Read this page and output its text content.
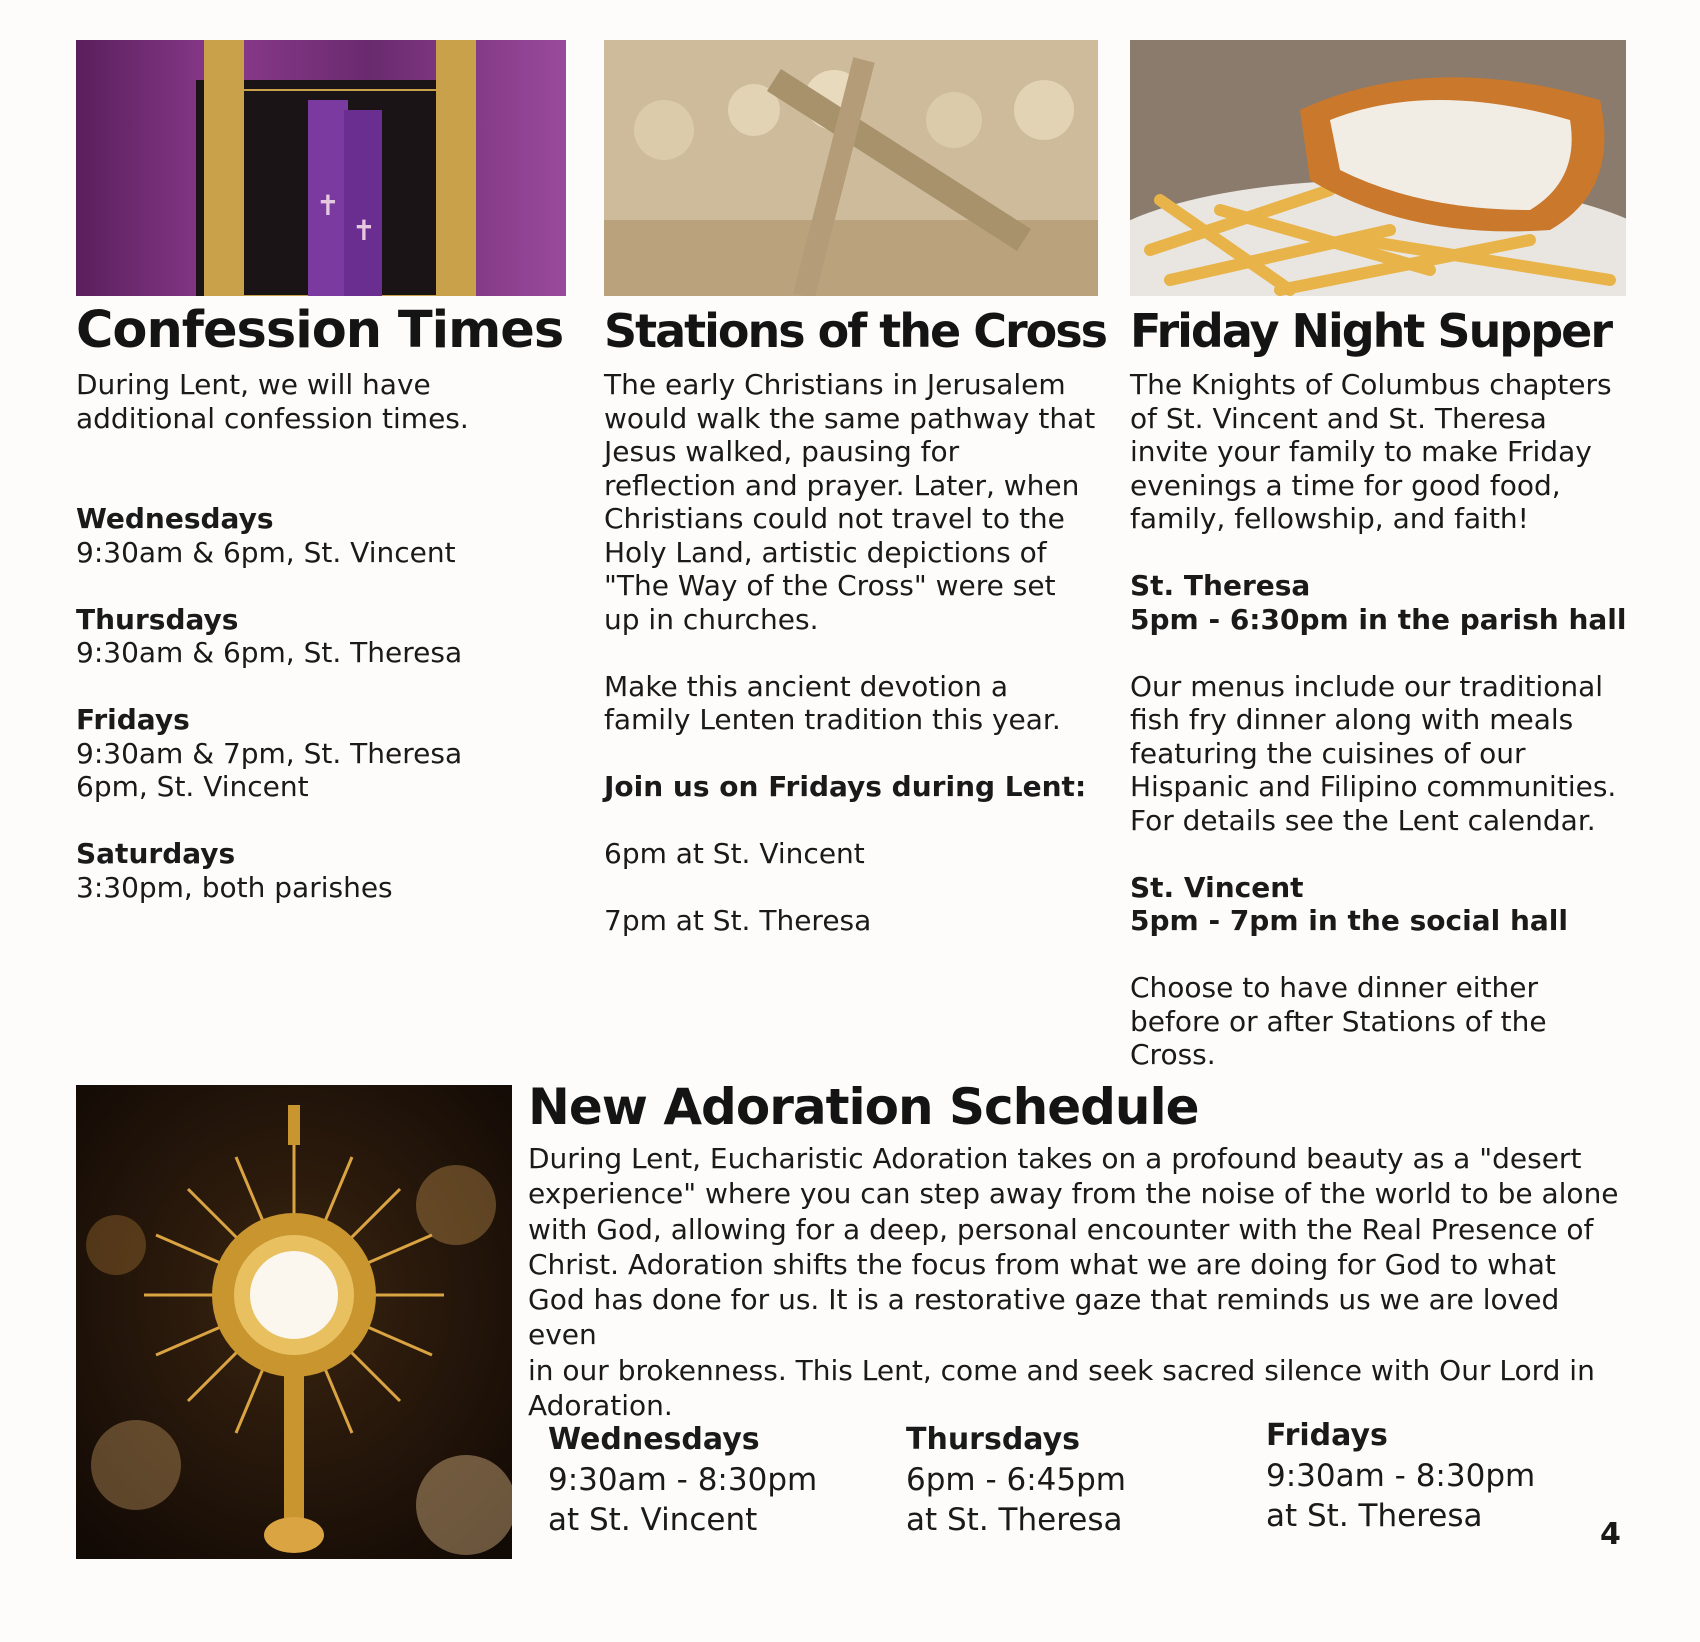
✝
✝
Confession Times
During Lent, we will have
additional confession times.
Wednesdays
9:30am & 6pm, St. Vincent
Thursdays
9:30am & 6pm, St. Theresa
Fridays
9:30am & 7pm, St. Theresa
6pm, St. Vincent
Saturdays
3:30pm, both parishes
Stations of the Cross
The early Christians in Jerusalem
would walk the same pathway that
Jesus walked, pausing for
reflection and prayer. Later, when
Christians could not travel to the
Holy Land, artistic depictions of
"The Way of the Cross" were set
up in churches.
Make this ancient devotion a
family Lenten tradition this year.
Join us on Fridays during Lent:
6pm at St. Vincent
7pm at St. Theresa
Friday Night Supper
The Knights of Columbus chapters
of St. Vincent and St. Theresa
invite your family to make Friday
evenings a time for good food,
family, fellowship, and faith!
St. Theresa
5pm - 6:30pm in the parish hall
Our menus include our traditional
fish fry dinner along with meals
featuring the cuisines of our
Hispanic and Filipino communities.
For details see the Lent calendar.
St. Vincent
5pm - 7pm in the social hall
Choose to have dinner either
before or after Stations of the
Cross.
New Adoration Schedule
During Lent, Eucharistic Adoration takes on a profound beauty as a "desert
experience" where you can step away from the noise of the world to be alone
with God, allowing for a deep, personal encounter with the Real Presence of
Christ. Adoration shifts the focus from what we are doing for God to what
God has done for us. It is a restorative gaze that reminds us we are loved even
in our brokenness. This Lent, come and seek sacred silence with Our Lord in
Adoration.
Wednesdays
9:30am - 8:30pm
at St. Vincent
Thursdays
6pm - 6:45pm
at St. Theresa
Fridays
9:30am - 8:30pm
at St. Theresa
4
